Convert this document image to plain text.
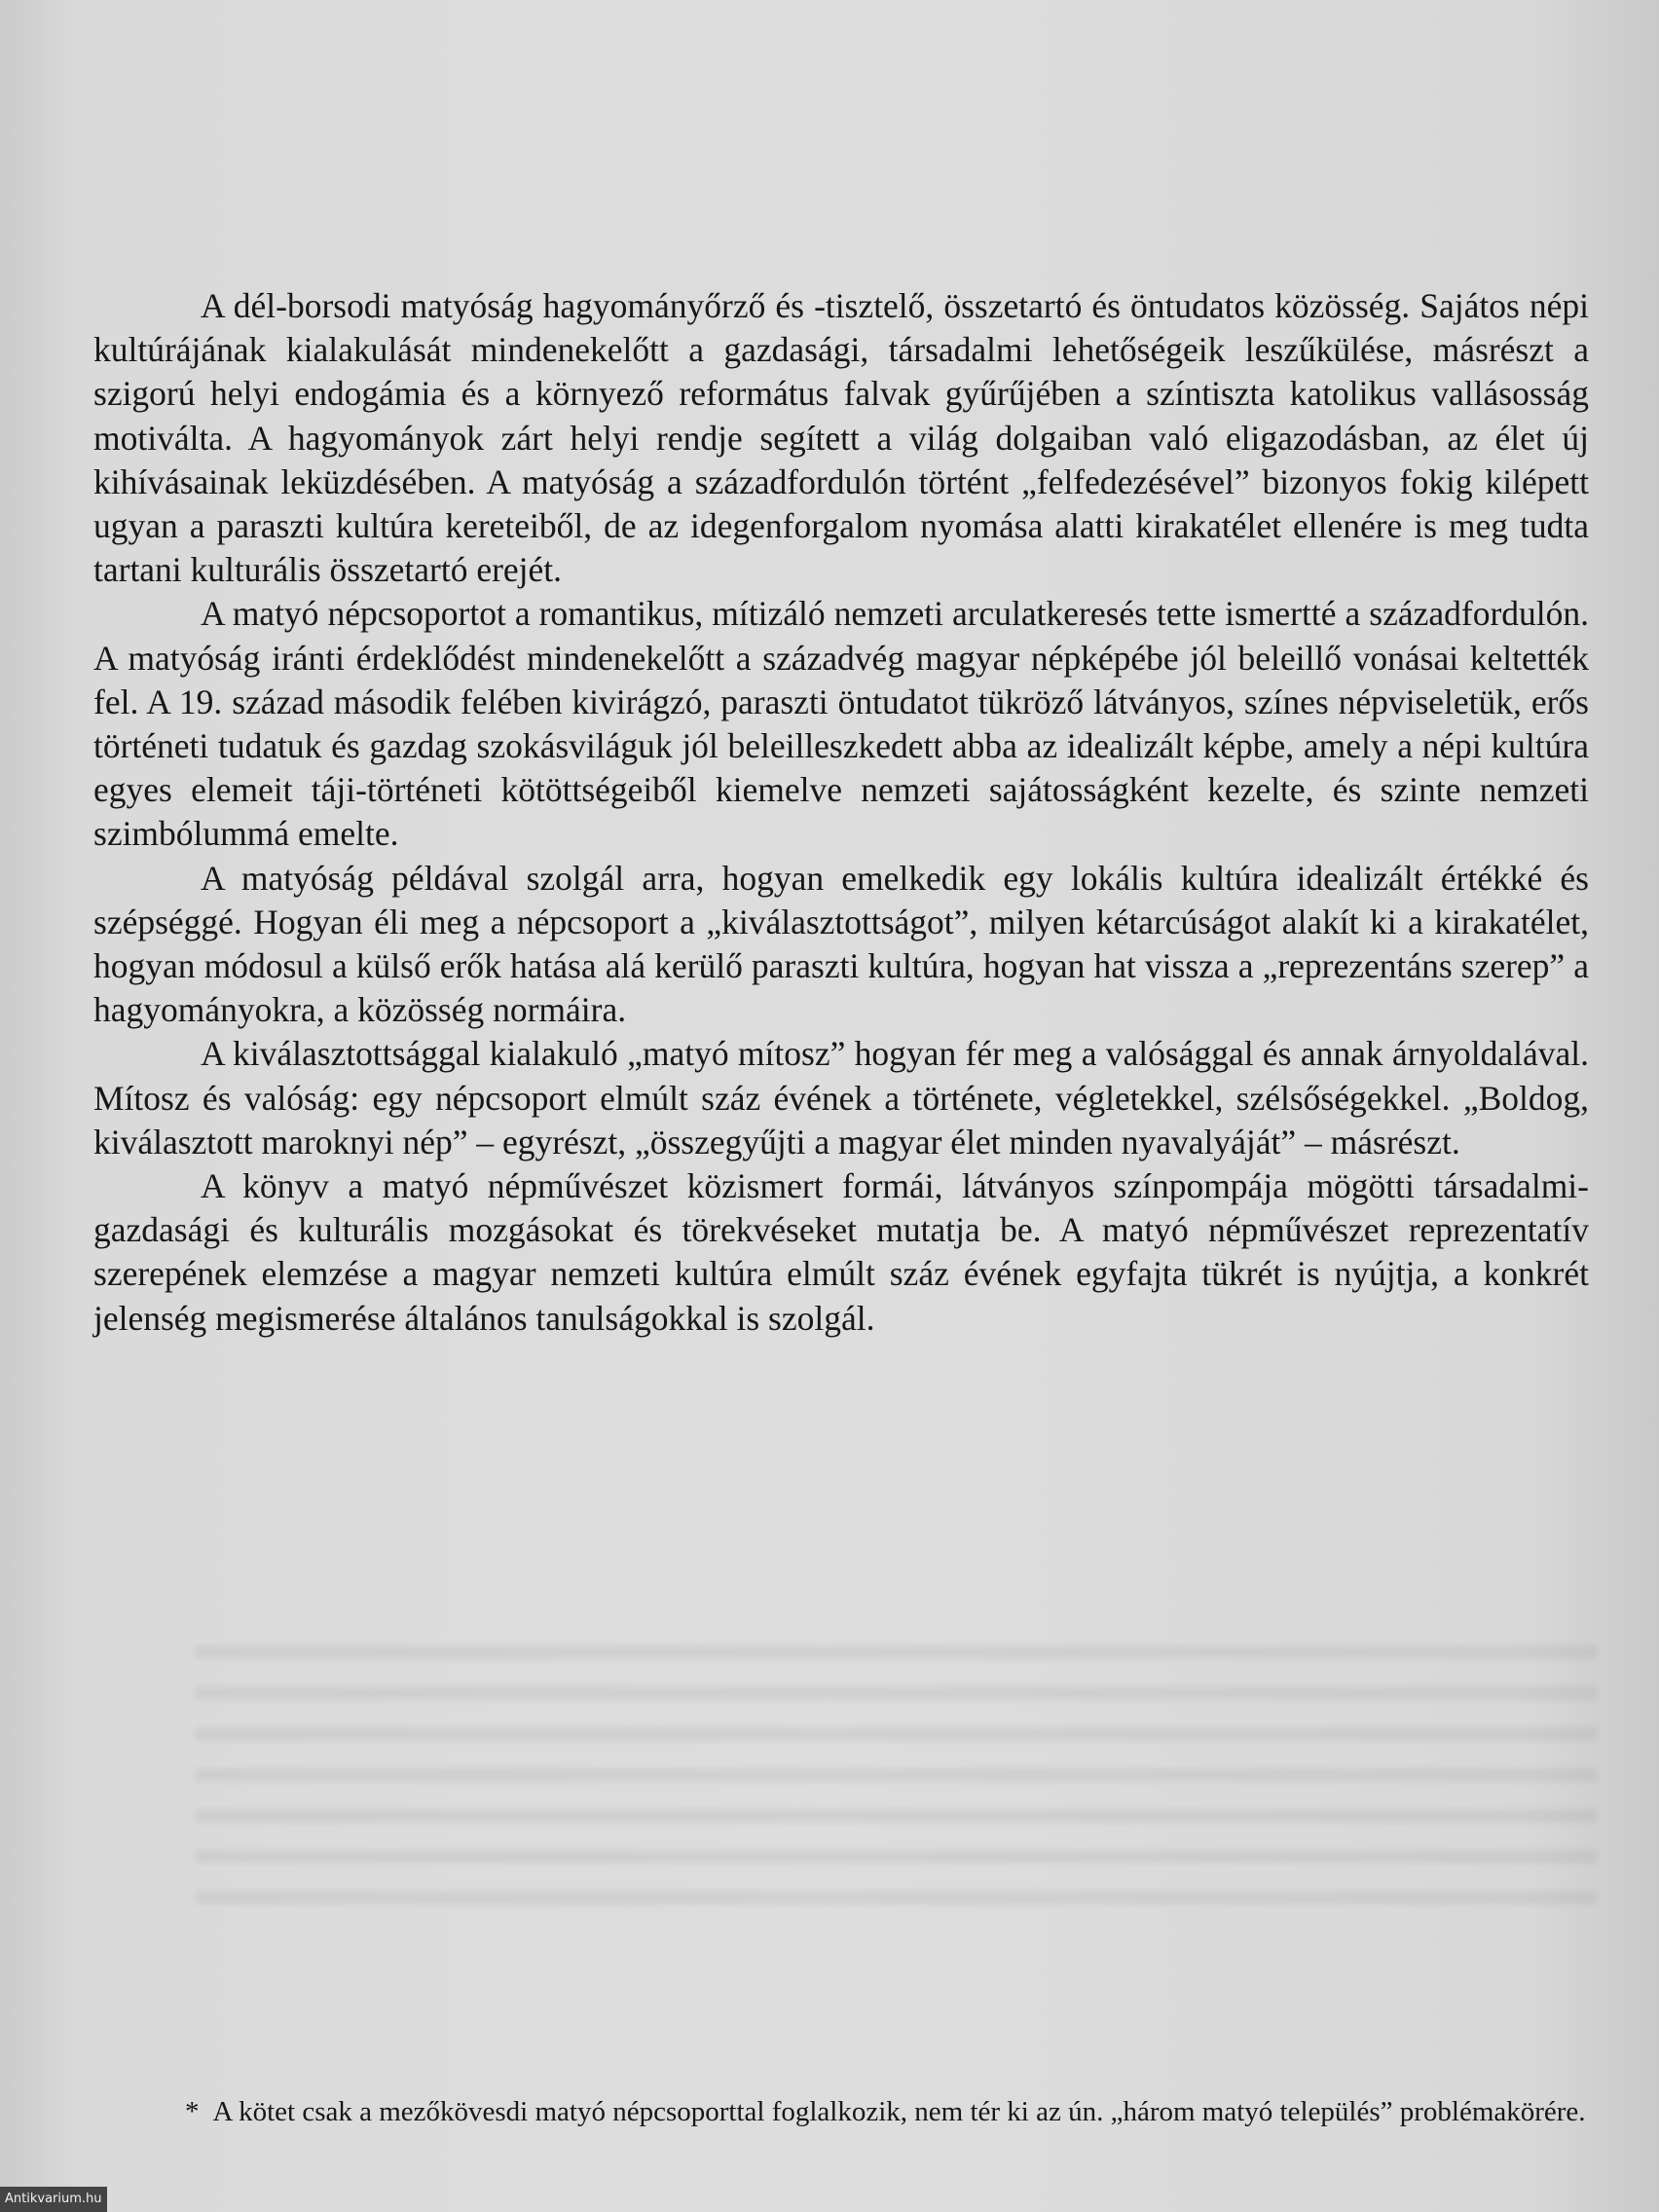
A dél-borsodi matyóság hagyományőrző és -tisztelő, összetartó és öntudatos közösség. Sajátos népi kultúrájának kialakulását mindenekelőtt a gazdasági, társadalmi lehetőségeik leszűkülése, másrészt a szigorú helyi endogámia és a környező református falvak gyűrűjében a színtiszta katolikus vallásosság motiválta. A hagyományok zárt helyi rendje segített a világ dolgaiban való eligazodásban, az élet új kihívásainak leküzdésében. A matyóság a századfordulón történt „felfedezésével” bizonyos fokig kilépett ugyan a paraszti kultúra kereteiből, de az idegenforgalom nyomása alatti kirakatélet ellenére is meg tudta tartani kulturális összetartó erejét.

A matyó népcsoportot a romantikus, mítizáló nemzeti arculatkeresés tette ismertté a századfordulón. A matyóság iránti érdeklődést mindenekelőtt a századvég magyar népképébe jól beleillő vonásai keltették fel. A 19. század második felében kivirágzó, paraszti öntudatot tükröző látványos, színes népviseletük, erős történeti tudatuk és gazdag szokásviláguk jól beleilleszkedett abba az idealizált képbe, amely a népi kultúra egyes elemeit táji-történeti kötöttségeiből kiemelve nemzeti sajátosságként kezelte, és szinte nemzeti szimbólummá emelte.

A matyóság példával szolgál arra, hogyan emelkedik egy lokális kultúra idealizált értékké és szépséggé. Hogyan éli meg a népcsoport a „kiválasztottságot”, milyen kétarcúságot alakít ki a kirakatélet, hogyan módosul a külső erők hatása alá kerülő paraszti kultúra, hogyan hat vissza a „reprezentáns szerep” a hagyományokra, a közösség normáira.

A kiválasztottsággal kialakuló „matyó mítosz” hogyan fér meg a valósággal és annak árnyoldalával. Mítosz és valóság: egy népcsoport elmúlt száz évének a története, végletekkel, szélsőségekkel. „Boldog, kiválasztott maroknyi nép” – egyrészt, „összegyűjti a magyar élet minden nyavalyáját” – másrészt.

A könyv a matyó népművészet közismert formái, látványos színpompája mögötti társadalmi-gazdasági és kulturális mozgásokat és törekvéseket mutatja be. A matyó népművészet reprezentatív szerepének elemzése a magyar nemzeti kultúra elmúlt száz évének egyfajta tükrét is nyújtja, a konkrét jelenség megismerése általános tanulságokkal is szolgál.

* A kötet csak a mezőkövesdi matyó népcsoporttal foglalkozik, nem tér ki az ún. „három matyó település” problémakörére.

Antikvarium.hu
